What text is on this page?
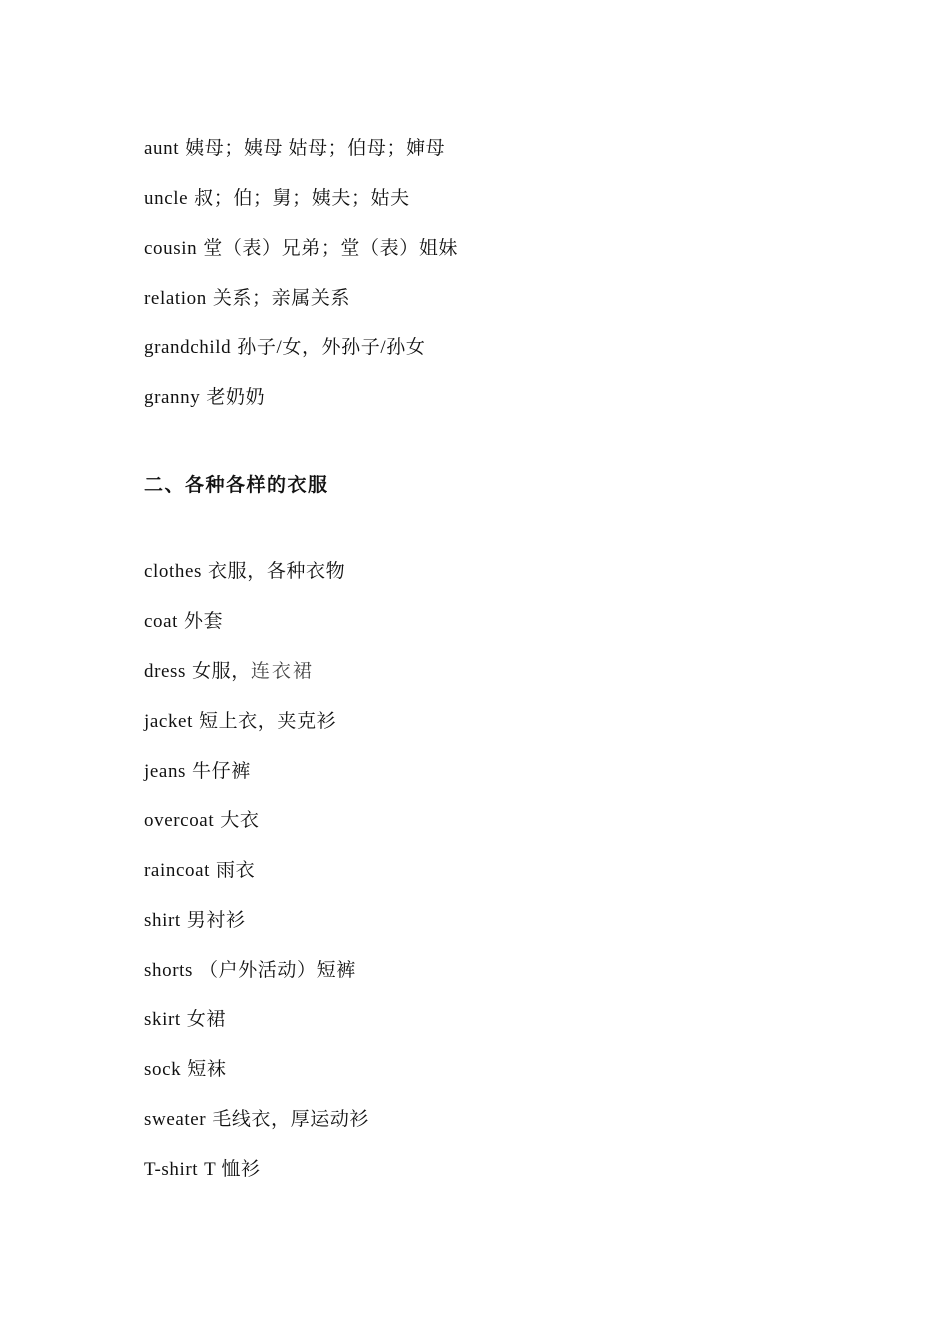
aunt 姨母；姨母 姑母；伯母；婶母
uncle 叔；伯；舅；姨夫；姑夫
cousin 堂（表）兄弟；堂（表）姐妹
relation 关系；亲属关系
grandchild 孙子/女，外孙子/孙女
granny 老奶奶
二、各种各样的衣服
clothes 衣服，各种衣物
coat 外套
dress 女服，连衣裙
jacket 短上衣，夹克衫
jeans 牛仔裤
overcoat 大衣
raincoat 雨衣
shirt 男衬衫
shorts （户外活动）短裤
skirt 女裙
sock 短袜
sweater 毛线衣，厚运动衫
T-shirt T 恤衫
